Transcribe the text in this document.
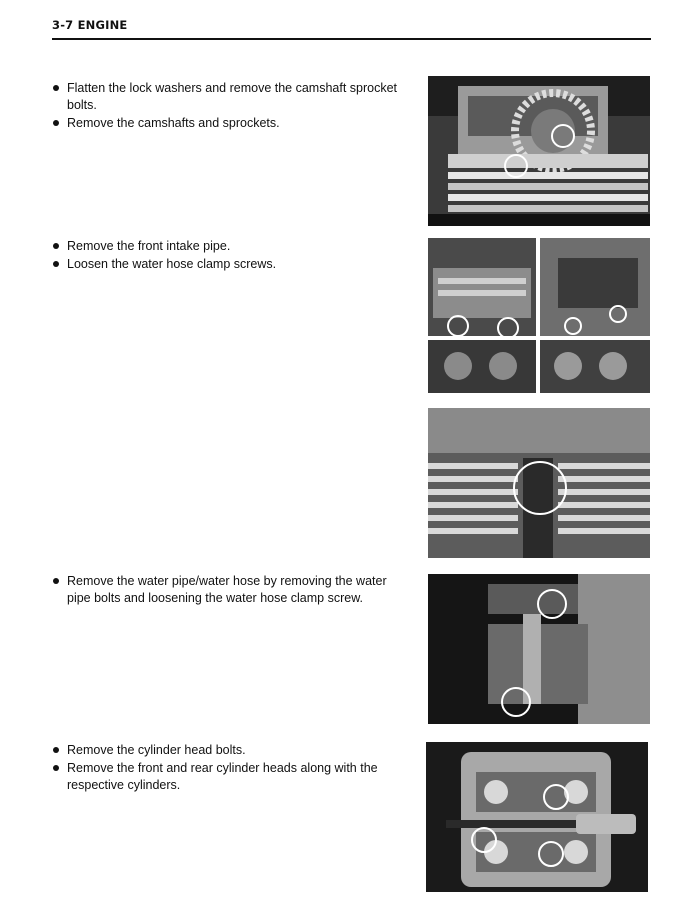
3-7 ENGINE
Flatten the lock washers and remove the camshaft sprocket bolts.
Remove the camshafts and sprockets.
Remove the front intake pipe.
Loosen the water hose clamp screws.
Remove the water pipe/water hose by removing the water pipe bolts and loosening the water hose clamp screw.
Remove the cylinder head bolts.
Remove the front and rear cylinder heads along with the respective cylinders.
